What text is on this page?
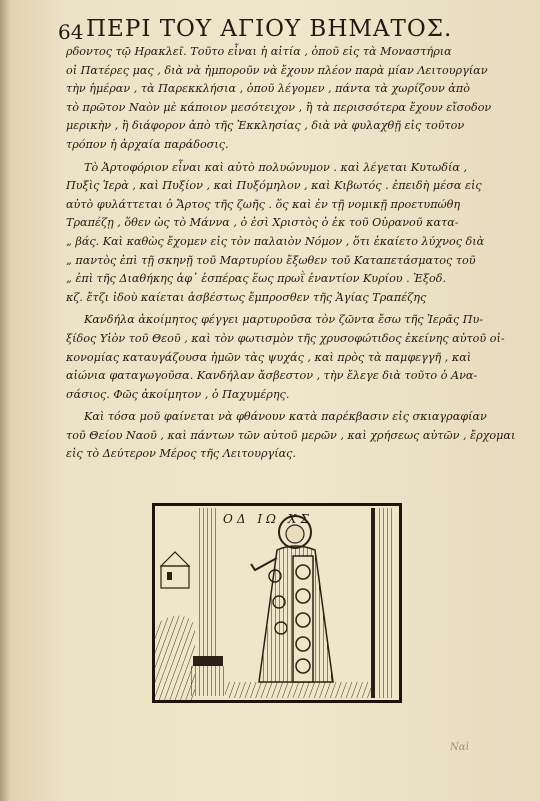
64 ΠΕΡΙ ΤΟΥ ΑΓΙΟΥ ΒΗΜΑΤΟΣ.
ρδοντος τῷ Ηρακλεῖ. Τοῦτο εἶναι ἡ αἰτία , ὁποῦ εἰς τὰ Μοναστήρια
οἱ Πατέρες μας , διὰ νὰ ἠμποροῦν νὰ ἔχουν πλέον παρὰ μίαν Λειτουργίαν
τὴν ἡμέραν , τὰ Παρεκκλήσια , ὁποῦ λέγομεν , πάντα τὰ χωρίζουν ἀπὸ
τὸ πρῶτον Ναὸν μὲ κάποιον μεσότειχον , ἢ τὰ περισσότερα ἔχουν εἴσοδον
μερικὴν , ἢ διάφορον ἀπὸ τῆς Ἐκκλησίας , διὰ νὰ φυλαχθῇ εἰς τοῦτον
τρόπον ἡ ἀρχαία παράδοσις.
Τὸ Ἀρτοφόριον εἶναι καὶ αὐτὸ πολυώνυμον . καὶ λέγεται Κυτωδία ,
Πυξὶς Ἱερὰ , καὶ Πυξίον , καὶ Πυξόμηλον , καὶ Κιβωτός . ἐπειδὴ μέσα εἰς
αὐτὸ φυλάττεται ὁ Ἄρτος τῆς ζωῆς . ὅς καὶ ἐν τῇ νομικῇ προετυπώθη
Τραπέζῃ , ὅθεν ὡς τὸ Μάννα , ὁ ἐσὶ Χριστὸς ὁ ἐκ τοῦ Οὐρανοῦ κατα-
„ βάς. Καὶ καθὼς ἔχομεν εἰς τὸν παλαιὸν Νόμον , ὅτι ἐκαίετο λύχνος διὰ
„ παντὸς ἐπὶ τῇ σκηνῇ τοῦ Μαρτυρίου ἔξωθεν τοῦ Καταπετάσματος τοῦ
„ ἐπὶ τῆς Διαθήκης ἀφ᾽ ἑσπέρας ἕως πρωῒ ἐναντίον Κυρίου . Ἐξοδ.
κζ. ἔτζι ἰδοὺ καίεται ἀσβέστως ἔμπροσθεν τῆς Ἁγίας Τραπέζης
Κανδήλα ἀκοίμητος φέγγει μαρτυροῦσα τὸν ζῶντα ἔσω τῆς Ἱερᾶς Πυ-
ξίδος Υἱὸν τοῦ Θεοῦ , καὶ τὸν φωτισμὸν τῆς χρυσοφώτιδος ἐκείνης αὐτοῦ οἰ-
κονομίας καταυγάζουσα ἡμῶν τὰς ψυχάς , καὶ πρὸς τὰ παμφεγγῆ , καὶ
αἰώνια φαταγωγοῦσα. Κανδήλαν ἄσβεστον , τὴν ἔλεγε διὰ τοῦτο ὁ Ανα-
σάσιος. Φῶς ἀκοίμητον , ὁ Παχυμέρης.
Καὶ τόσα μοῦ φαίνεται νὰ φθάνουν κατὰ παρέκβασιν εἰς σκιαγραφίαν
τοῦ Θείου Ναοῦ , καὶ πάντων τῶν αὐτοῦ μερῶν , καὶ χρήσεως αὐτῶν , ἔρχομαι
εἰς τὸ Δεύτερον Μέρος τῆς Λειτουργίας.
ΟΔ ΙΩ ΧΣ
Ναὶ
